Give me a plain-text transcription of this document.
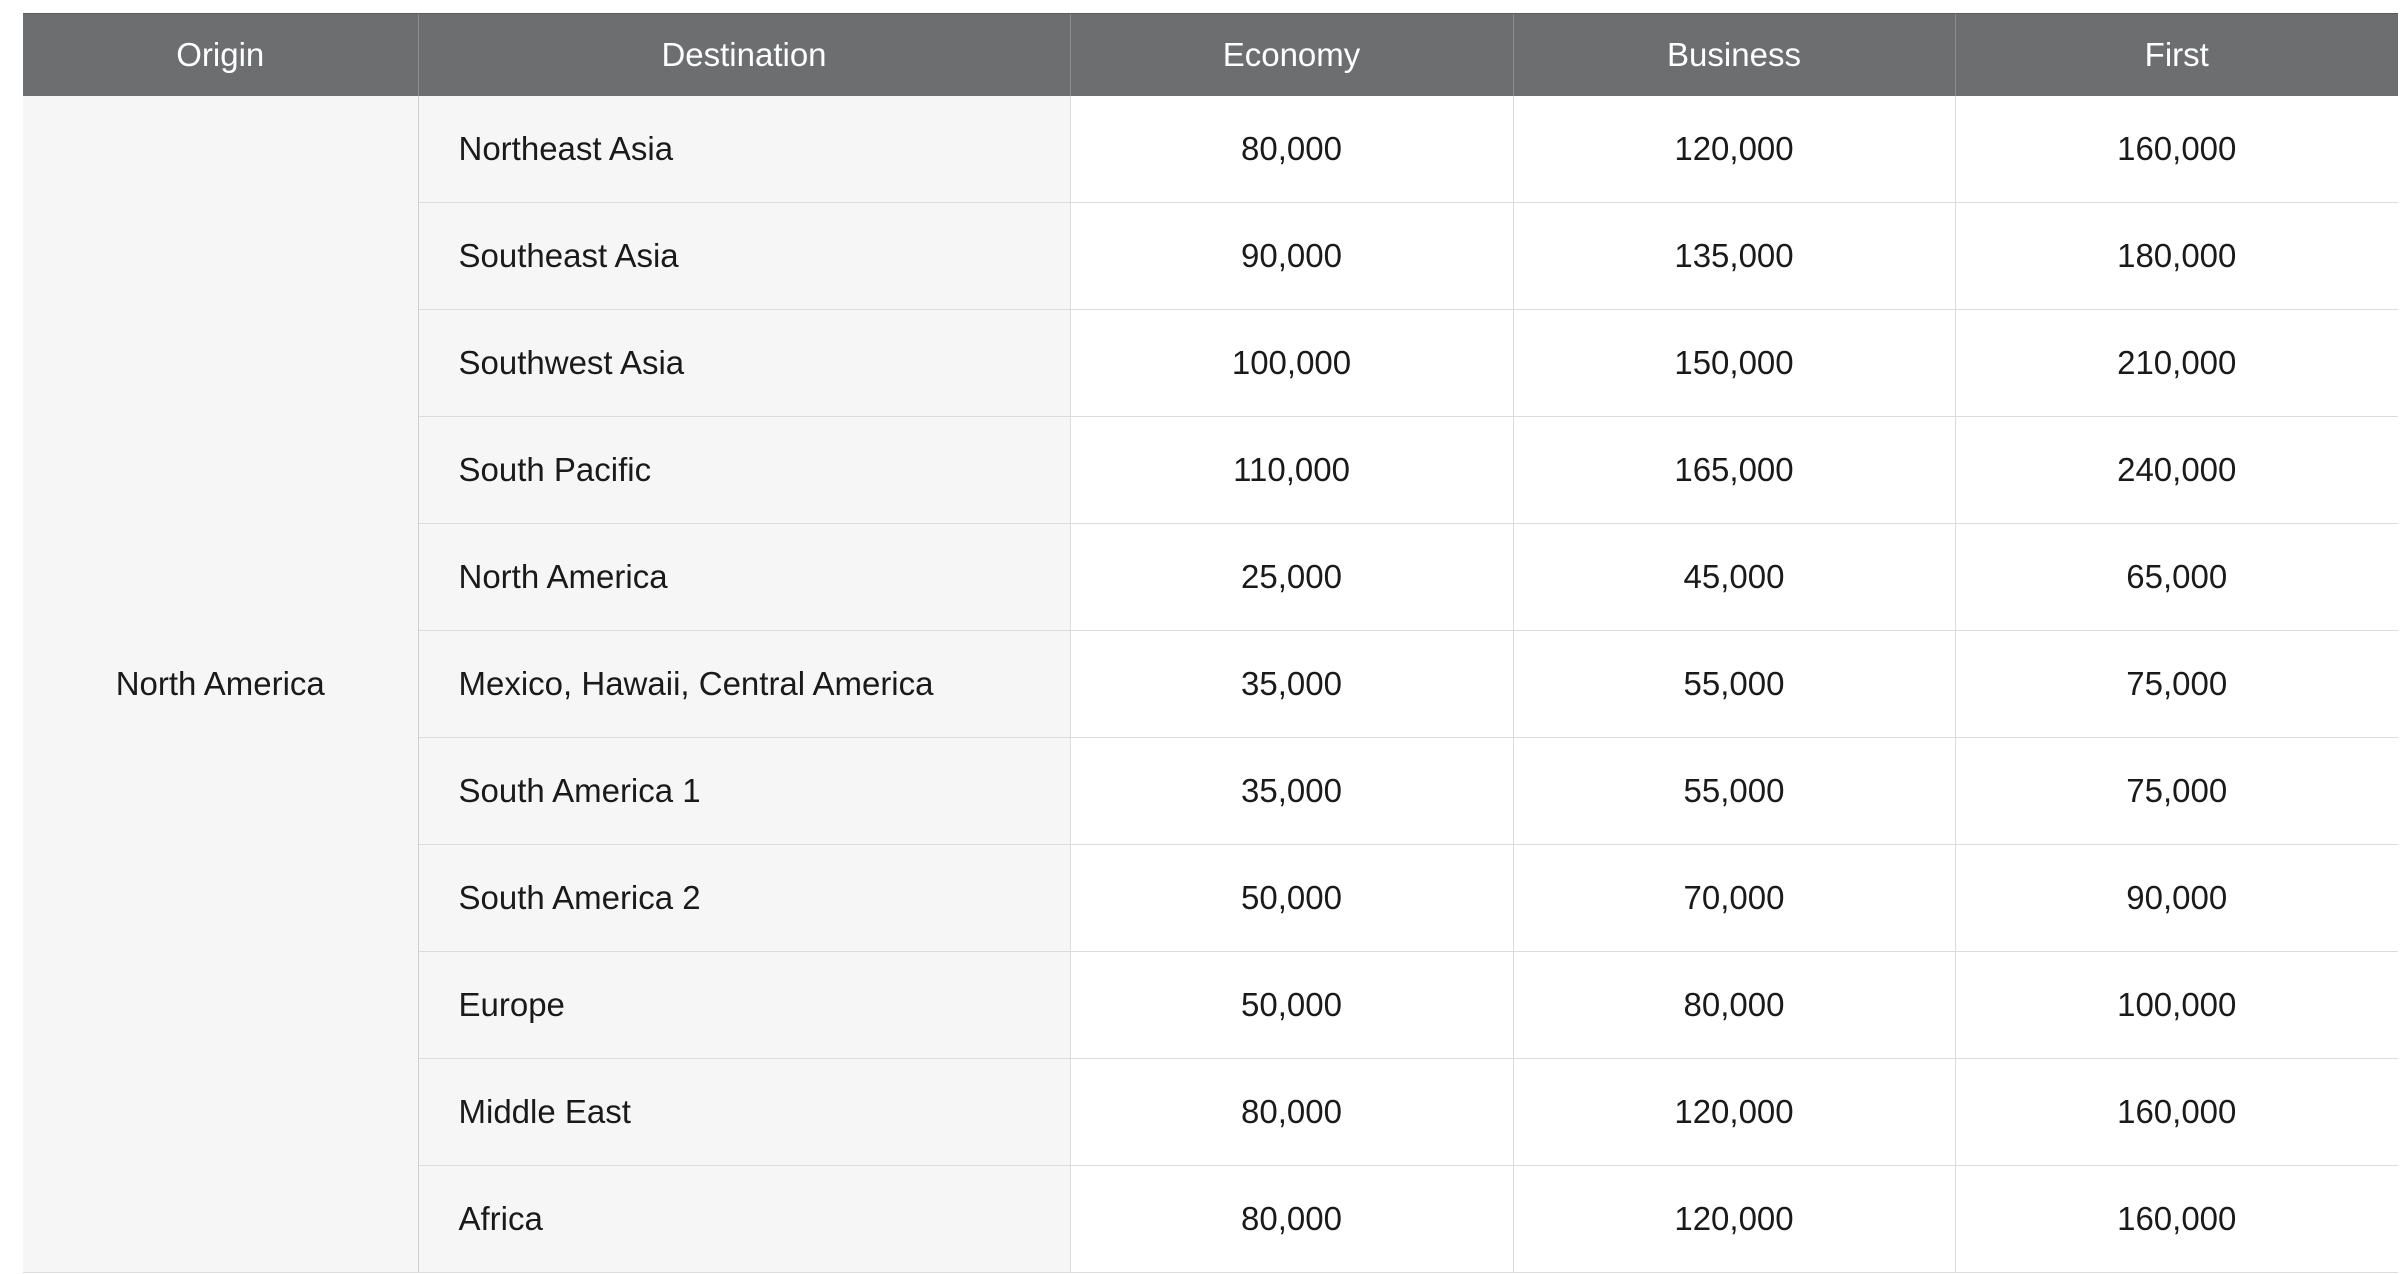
Origin	Destination	Economy	Business	First
North America	Northeast Asia	80,000	120,000	160,000
	Southeast Asia	90,000	135,000	180,000
	Southwest Asia	100,000	150,000	210,000
	South Pacific	110,000	165,000	240,000
	North America	25,000	45,000	65,000
	Mexico, Hawaii, Central America	35,000	55,000	75,000
	South America 1	35,000	55,000	75,000
	South America 2	50,000	70,000	90,000
	Europe	50,000	80,000	100,000
	Middle East	80,000	120,000	160,000
	Africa	80,000	120,000	160,000
